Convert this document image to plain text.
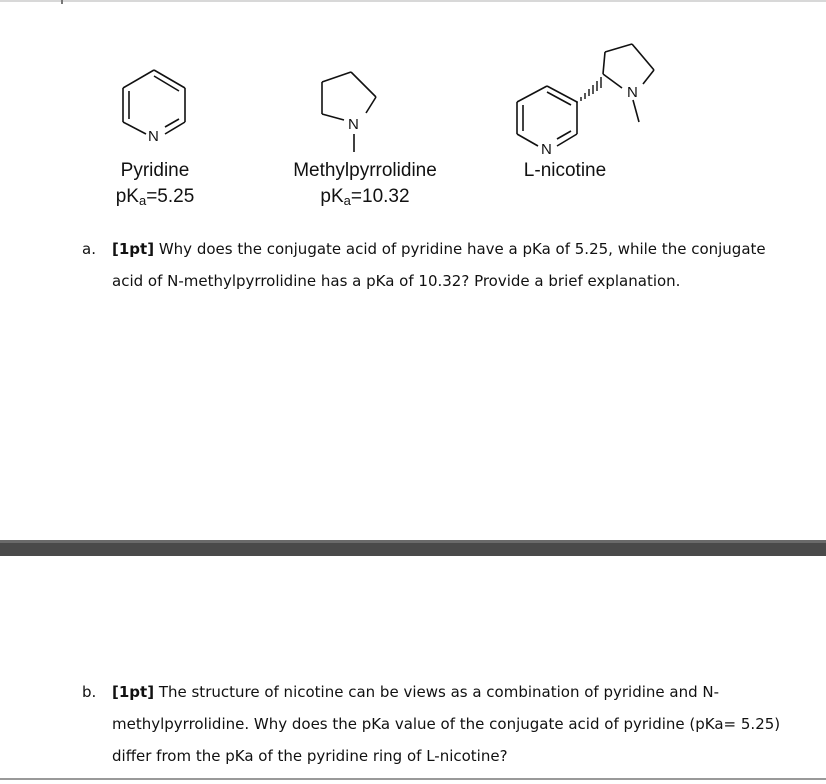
N
Pyridine
$pK_a=5.25$
N
Methylpyrrolidine
$pK_a=10.32$
N
N
L-nicotine
a. [1pt] Why does the conjugate acid of pyridine have a pKa of 5.25, while the conjugate
acid of N-methylpyrrolidine has a pKa of 10.32? Provide a brief explanation.
b. [1pt] The structure of nicotine can be views as a combination of pyridine and N-
methylpyrrolidine. Why does the pKa value of the conjugate acid of pyridine (pKa= 5.25)
differ from the pKa of the pyridine ring of L-nicotine?
